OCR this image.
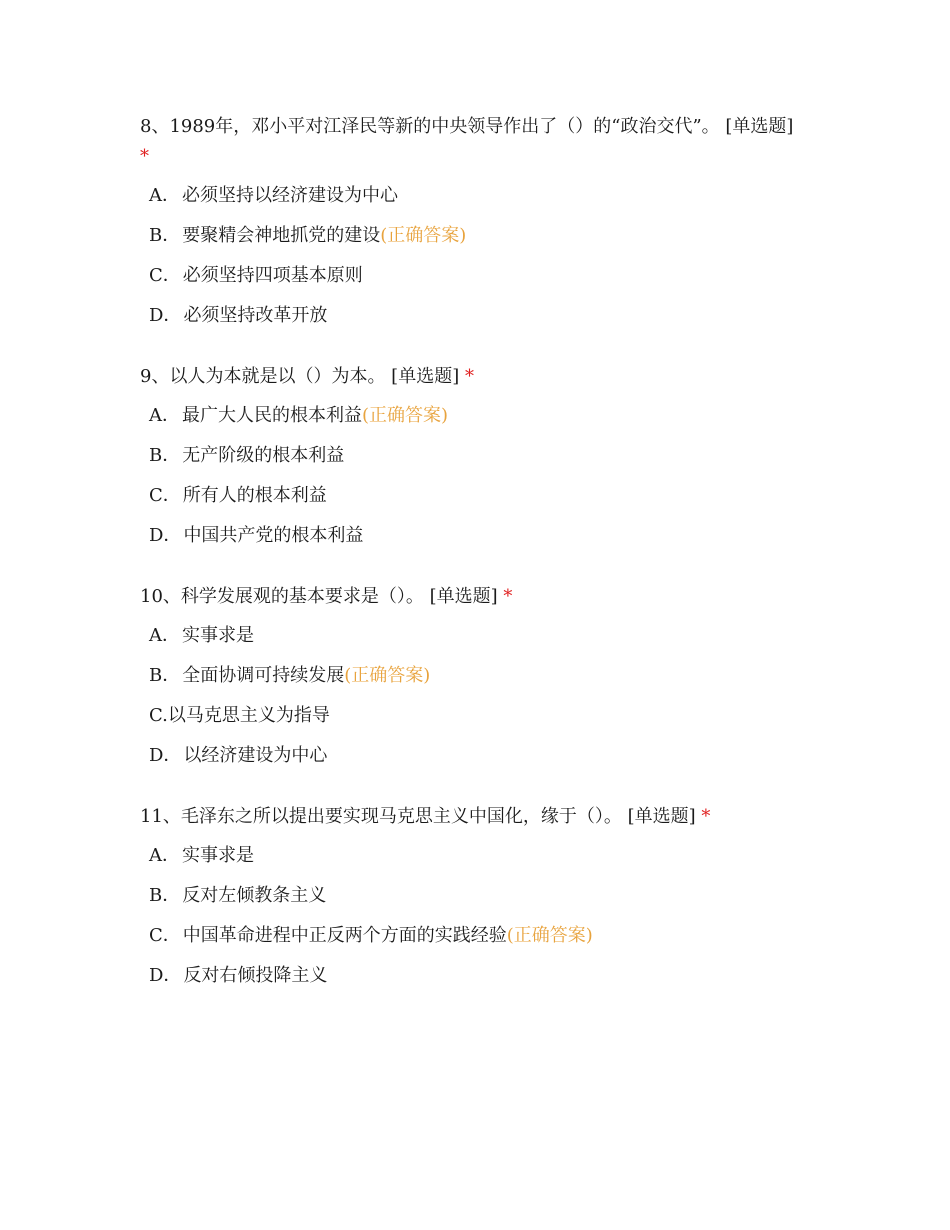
8、1989年，邓小平对江泽民等新的中央领导作出了（）的“政治交代”。 [单选题]
*
A． 必须坚持以经济建设为中心
B． 要聚精会神地抓党的建设(正确答案)
C． 必须坚持四项基本原则
D． 必须坚持改革开放
9、以人为本就是以（）为本。 [单选题] *
A． 最广大人民的根本利益(正确答案)
B． 无产阶级的根本利益
C． 所有人的根本利益
D． 中国共产党的根本利益
10、科学发展观的基本要求是（）。 [单选题] *
A． 实事求是
B． 全面协调可持续发展(正确答案)
C.以马克思主义为指导
D． 以经济建设为中心
11、毛泽东之所以提出要实现马克思主义中国化，缘于（）。 [单选题] *
A． 实事求是
B． 反对左倾教条主义
C． 中国革命进程中正反两个方面的实践经验(正确答案)
D． 反对右倾投降主义
